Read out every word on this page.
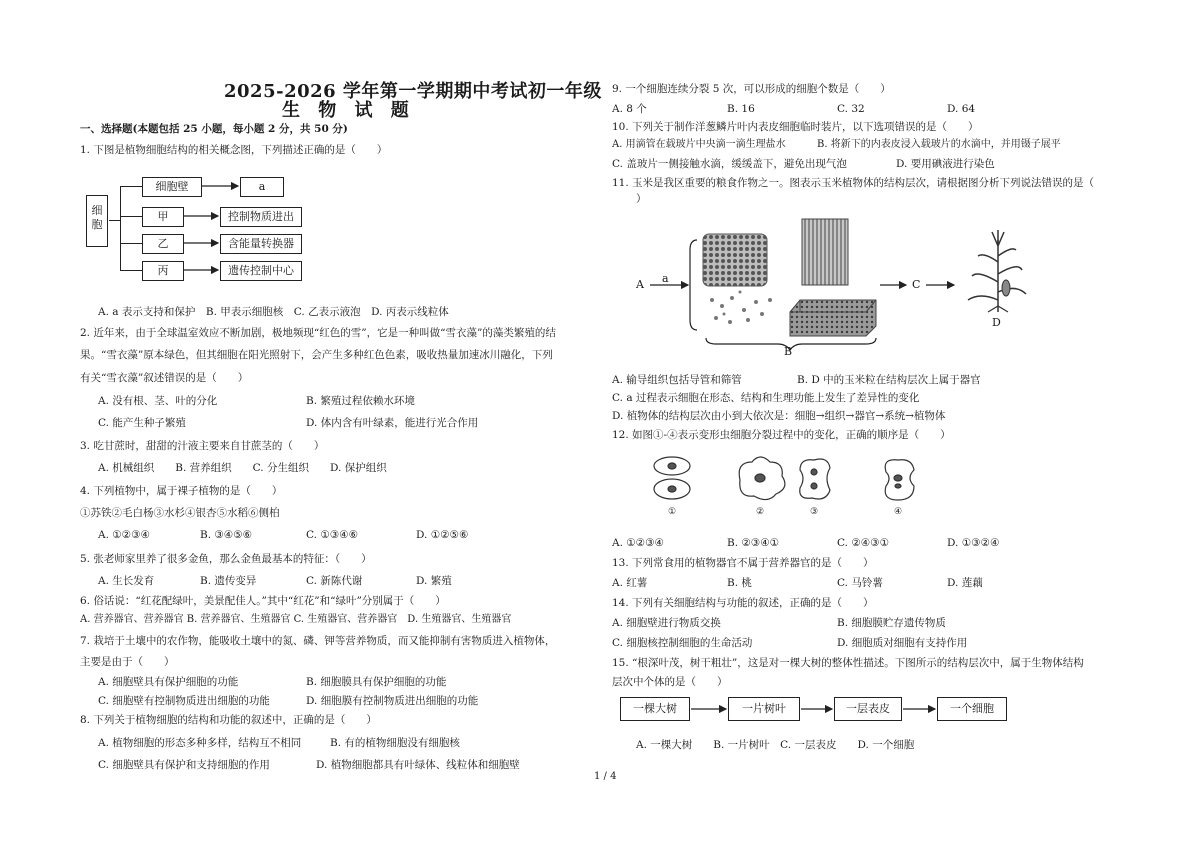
2025-2026 学年第一学期期中考试初一年级
生 物 试 题
一、选择题(本题包括 25 小题，每小题 2 分，共 50 分)
1. 下图是植物细胞结构的相关概念图，下列描述正确的是（　　）
细胞
细胞壁
甲
乙
丙
a
控制物质进出
含能量转换器
遗传控制中心
A. a 表示支持和保护　B. 甲表示细胞核　C. 乙表示液泡　D. 丙表示线粒体
2. 近年来，由于全球温室效应不断加剧，极地频现“红色的雪”，它是一种叫做“雪衣藻”的藻类繁殖的结
果。“雪衣藻”原本绿色，但其细胞在阳光照射下，会产生多种红色色素，吸收热量加速冰川融化，下列
有关“雪衣藻”叙述错误的是（　　）
A. 没有根、茎、叶的分化	B. 繁殖过程依赖水环境
C. 能产生种子繁殖	D. 体内含有叶绿素，能进行光合作用
3. 吃甘蔗时，甜甜的汁液主要来自甘蔗茎的（　　）
A. 机械组织　　B. 营养组织　　C. 分生组织　　D. 保护组织
4. 下列植物中，属于裸子植物的是（　　）
①苏铁②毛白杨③水杉④银杏⑤水稻⑥侧柏
A. ①②③④	B. ③④⑤⑥	C. ①③④⑥	D. ①②⑤⑥
5. 张老师家里养了很多金鱼，那么金鱼最基本的特征：（　　）
A. 生长发育	B. 遗传变异	C. 新陈代谢	D. 繁殖
6. 俗话说：“红花配绿叶，美景配佳人。”其中“红花”和“绿叶”分别属于（　　）
A. 营养器官、营养器官 B. 营养器官、生殖器官 C. 生殖器官、营养器官　D. 生殖器官、生殖器官
7. 栽培于土壤中的农作物，能吸收土壤中的氮、磷、钾等营养物质，而又能抑制有害物质进入植物体，
主要是由于（　　）
A. 细胞壁具有保护细胞的功能	B. 细胞膜具有保护细胞的功能
C. 细胞壁有控制物质进出细胞的功能	D. 细胞膜有控制物质进出细胞的功能
8. 下列关于植物细胞的结构和功能的叙述中，正确的是（　　）
A. 植物细胞的形态多种多样，结构互不相同	B. 有的植物细胞没有细胞核
C. 细胞壁具有保护和支持细胞的作用	D. 植物细胞都具有叶绿体、线粒体和细胞壁
1 / 4
9. 一个细胞连续分裂 5 次，可以形成的细胞个数是（　　）
A. 8 个	B. 16	C. 32	D. 64
10. 下列关于制作洋葱鳞片叶内表皮细胞临时装片，以下选项错误的是（　　）
A. 用滴管在载玻片中央滴一滴生理盐水	B. 将新下的内表皮浸入载玻片的水滴中，并用镊子展平
C. 盖玻片一侧接触水滴，缓缓盖下，避免出现气泡	D. 要用碘液进行染色
11. 玉米是我区重要的粮食作物之一。图表示玉米植物体的结构层次，请根据图分析下列说法错误的是（
）
A a	C
D
B
A. 输导组织包括导管和筛管	B. D 中的玉米粒在结构层次上属于器官
C. a 过程表示细胞在形态、结构和生理功能上发生了差异性的变化
D. 植物体的结构层次由小到大依次是：细胞→组织→器官→系统→植物体
12. 如图①-④表示变形虫细胞分裂过程中的变化，正确的顺序是（　　）
①	②	③	④
A. ①②③④	B. ②③④①	C. ②④③①	D. ①③②④
13. 下列常食用的植物器官不属于营养器官的是（　　）
A. 红薯	B. 桃	C. 马铃薯	D. 莲藕
14. 下列有关细胞结构与功能的叙述，正确的是（　　）
A. 细胞壁进行物质交换	B. 细胞膜贮存遗传物质
C. 细胞核控制细胞的生命活动	D. 细胞质对细胞有支持作用
15. “根深叶茂，树干粗壮”，这是对一棵大树的整体性描述。下图所示的结构层次中，属于生物体结构
层次中个体的是（　　）
一棵大树	一片树叶	一层表皮	一个细胞
A. 一棵大树　　B. 一片树叶　C. 一层表皮　　D. 一个细胞
